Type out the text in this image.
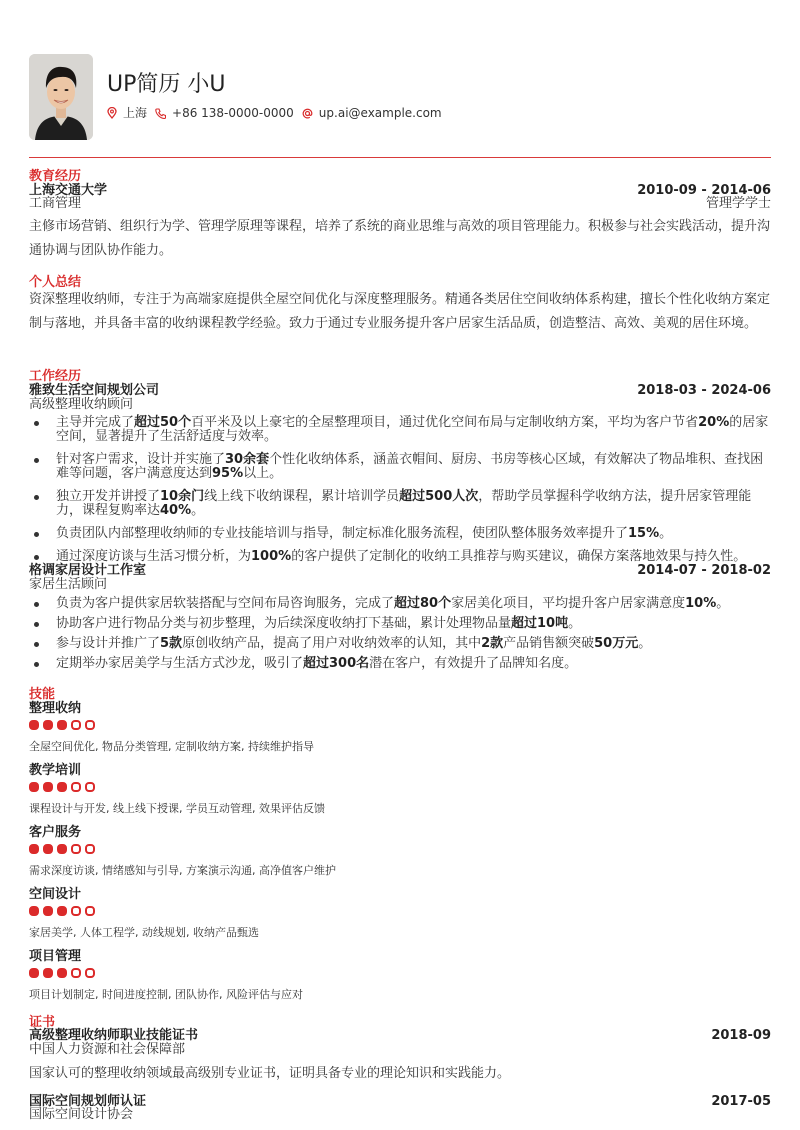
UP简历 小U
上海 +86 138-0000-0000 up.ai@example.com
教育经历
上海交通大学	2010-09 - 2014-06
工商管理	管理学学士
主修市场营销、组织行为学、管理学原理等课程，培养了系统的商业思维与高效的项目管理能力。积极参与社会实践活动，提升沟通协调与团队协作能力。
个人总结
资深整理收纳师，专注于为高端家庭提供全屋空间优化与深度整理服务。精通各类居住空间收纳体系构建，擅长个性化收纳方案定制与落地，并具备丰富的收纳课程教学经验。致力于通过专业服务提升客户居家生活品质，创造整洁、高效、美观的居住环境。
工作经历
雅致生活空间规划公司	2018-03 - 2024-06
高级整理收纳顾问
主导并完成了超过50个百平米及以上豪宅的全屋整理项目，通过优化空间布局与定制收纳方案，平均为客户节省20%的居家空间，显著提升了生活舒适度与效率。
针对客户需求，设计并实施了30余套个性化收纳体系，涵盖衣帽间、厨房、书房等核心区域，有效解决了物品堆积、查找困难等问题，客户满意度达到95%以上。
独立开发并讲授了10余门线上线下收纳课程，累计培训学员超过500人次，帮助学员掌握科学收纳方法，提升居家管理能力，课程复购率达40%。
负责团队内部整理收纳师的专业技能培训与指导，制定标准化服务流程，使团队整体服务效率提升了15%。
通过深度访谈与生活习惯分析，为100%的客户提供了定制化的收纳工具推荐与购买建议，确保方案落地效果与持久性。
格调家居设计工作室	2014-07 - 2018-02
家居生活顾问
负责为客户提供家居软装搭配与空间布局咨询服务，完成了超过80个家居美化项目，平均提升客户居家满意度10%。
协助客户进行物品分类与初步整理，为后续深度收纳打下基础，累计处理物品量超过10吨。
参与设计并推广了5款原创收纳产品，提高了用户对收纳效率的认知，其中2款产品销售额突破50万元。
定期举办家居美学与生活方式沙龙，吸引了超过300名潜在客户，有效提升了品牌知名度。
技能
整理收纳
全屋空间优化, 物品分类管理, 定制收纳方案, 持续维护指导
教学培训
课程设计与开发, 线上线下授课, 学员互动管理, 效果评估反馈
客户服务
需求深度访谈, 情绪感知与引导, 方案演示沟通, 高净值客户维护
空间设计
家居美学, 人体工程学, 动线规划, 收纳产品甄选
项目管理
项目计划制定, 时间进度控制, 团队协作, 风险评估与应对
证书
高级整理收纳师职业技能证书	2018-09
中国人力资源和社会保障部
国家认可的整理收纳领域最高级别专业证书，证明具备专业的理论知识和实践能力。
国际空间规划师认证	2017-05
国际空间设计协会
